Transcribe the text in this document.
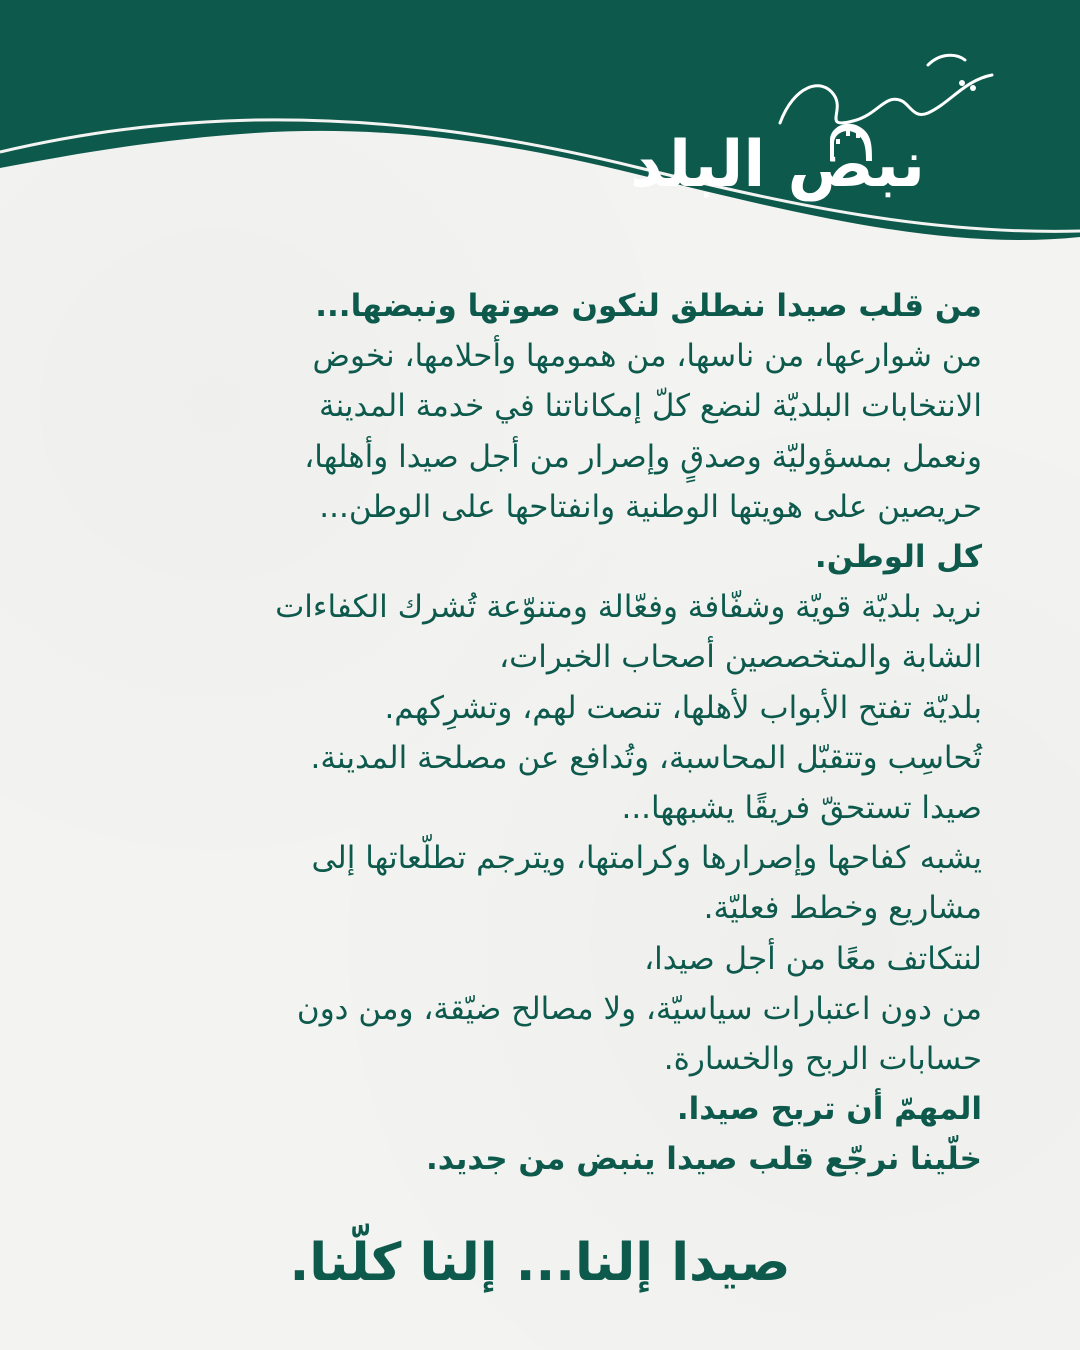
نبض البلد
من قلب صيدا ننطلق لنكون صوتها ونبضها...
من شوارعها، من ناسها، من همومها وأحلامها، نخوض
الانتخابات البلديّة لنضع كلّ إمكاناتنا في خدمة المدينة
ونعمل بمسؤوليّة وصدقٍ وإصرار من أجل صيدا وأهلها،
حريصين على هويتها الوطنية وانفتاحها على الوطن...
كل الوطن.
نريد بلديّة قويّة وشفّافة وفعّالة ومتنوّعة تُشرك الكفاءات
الشابة والمتخصصين أصحاب الخبرات،
بلديّة تفتح الأبواب لأهلها، تنصت لهم، وتشرِكهم.
تُحاسِب وتتقبّل المحاسبة، وتُدافع عن مصلحة المدينة.
صيدا تستحقّ فريقًا يشبهها...
يشبه كفاحها وإصرارها وكرامتها، ويترجم تطلّعاتها إلى
مشاريع وخطط فعليّة.
لنتكاتف معًا من أجل صيدا،
من دون اعتبارات سياسيّة، ولا مصالح ضيّقة، ومن دون
حسابات الربح والخسارة.
المهمّ أن تربح صيدا.
خلّينا نرجّع قلب صيدا ينبض من جديد.
صيدا إلنا... إلنا كلّنا.
